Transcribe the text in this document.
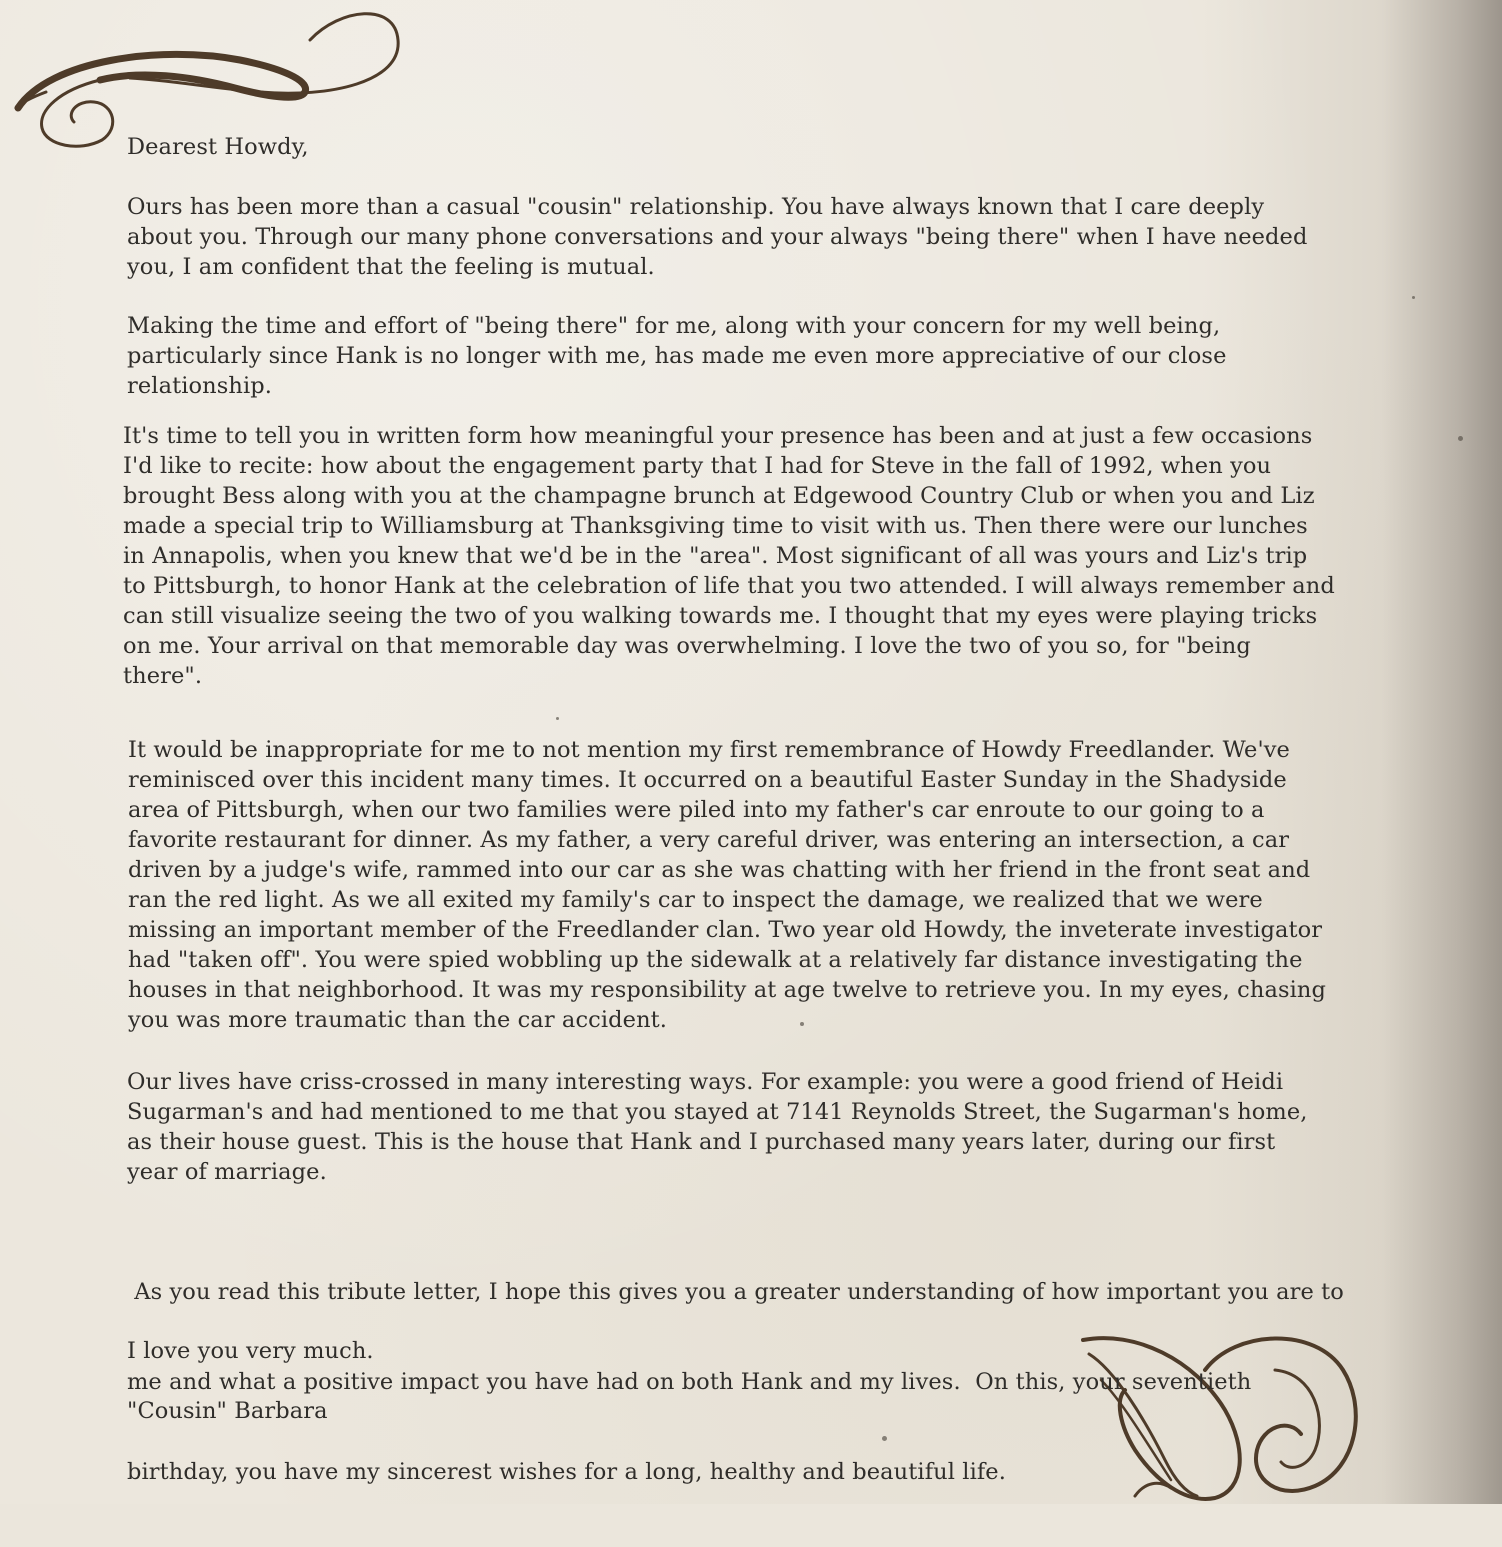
Dearest Howdy,

Ours has been more than a casual "cousin" relationship. You have always known that I care deeply
about you. Through our many phone conversations and your always "being there" when I have needed
you, I am confident that the feeling is mutual.

Making the time and effort of "being there" for me, along with your concern for my well being,
particularly since Hank is no longer with me, has made me even more appreciative of our close
relationship.

It's time to tell you in written form how meaningful your presence has been and at just a few occasions
I'd like to recite: how about the engagement party that I had for Steve in the fall of 1992, when you
brought Bess along with you at the champagne brunch at Edgewood Country Club or when you and Liz
made a special trip to Williamsburg at Thanksgiving time to visit with us. Then there were our lunches
in Annapolis, when you knew that we'd be in the "area". Most significant of all was yours and Liz's trip
to Pittsburgh, to honor Hank at the celebration of life that you two attended. I will always remember and
can still visualize seeing the two of you walking towards me. I thought that my eyes were playing tricks
on me. Your arrival on that memorable day was overwhelming. I love the two of you so, for "being
there".

It would be inappropriate for me to not mention my first remembrance of Howdy Freedlander. We've
reminisced over this incident many times. It occurred on a beautiful Easter Sunday in the Shadyside
area of Pittsburgh, when our two families were piled into my father's car enroute to our going to a
favorite restaurant for dinner. As my father, a very careful driver, was entering an intersection, a car
driven by a judge's wife, rammed into our car as she was chatting with her friend in the front seat and
ran the red light. As we all exited my family's car to inspect the damage, we realized that we were
missing an important member of the Freedlander clan. Two year old Howdy, the inveterate investigator
had "taken off". You were spied wobbling up the sidewalk at a relatively far distance investigating the
houses in that neighborhood. It was my responsibility at age twelve to retrieve you. In my eyes, chasing
you was more traumatic than the car accident.

Our lives have criss-crossed in many interesting ways. For example: you were a good friend of Heidi
Sugarman's and had mentioned to me that you stayed at 7141 Reynolds Street, the Sugarman's home,
as their house guest. This is the house that Hank and I purchased many years later, during our first
year of marriage.

As you read this tribute letter, I hope this gives you a greater understanding of how important you are to

me and what a positive impact you have had on both Hank and my lives.  On this, your seventieth

birthday, you have my sincerest wishes for a long, healthy and beautiful life.

I love you very much.

"Cousin" Barbara
